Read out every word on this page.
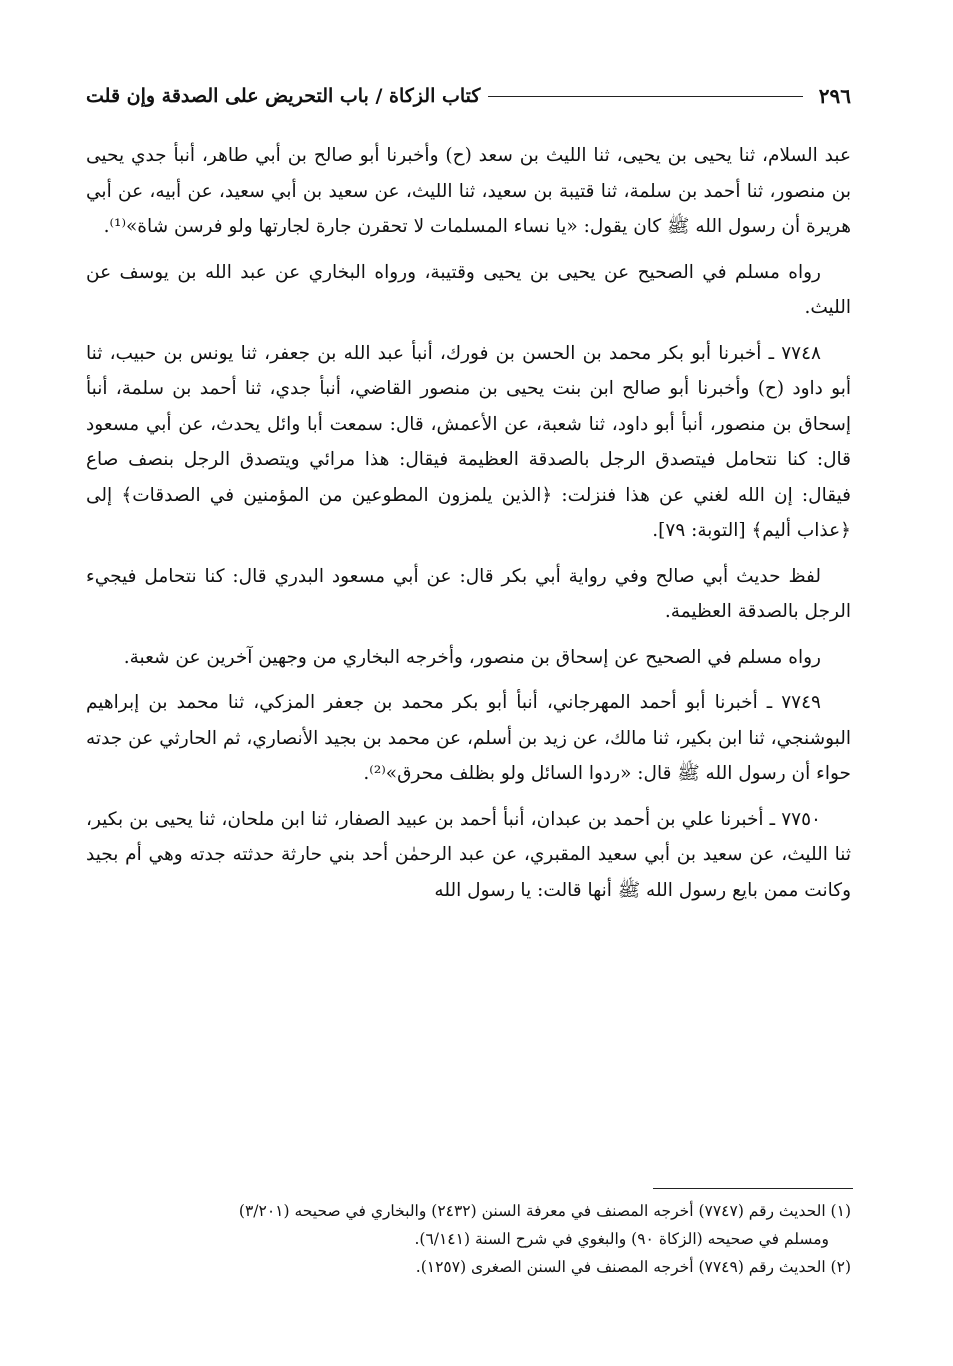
٢٩٦
كتاب الزكاة / باب التحريض على الصدقة وإن قلت

عبد السلام، ثنا يحيى بن يحيى، ثنا الليث بن سعد (ح) وأخبرنا أبو صالح بن أبي طاهر، أنبأ جدي يحيى بن منصور، ثنا أحمد بن سلمة، ثنا قتيبة بن سعيد، ثنا الليث، عن سعيد بن أبي سعيد، عن أبيه، عن أبي هريرة أن رسول الله ﷺ كان يقول: «يا نساء المسلمات لا تحقرن جارة لجارتها ولو فرسن شاة»⁽¹⁾.

رواه مسلم في الصحيح عن يحيى بن يحيى وقتيبة، ورواه البخاري عن عبد الله بن يوسف عن الليث.

٧٧٤٨ ـ أخبرنا أبو بكر محمد بن الحسن بن فورك، أنبأ عبد الله بن جعفر، ثنا يونس بن حبيب، ثنا أبو داود (ح) وأخبرنا أبو صالح ابن بنت يحيى بن منصور القاضي، أنبأ جدي، ثنا أحمد بن سلمة، أنبأ إسحاق بن منصور، أنبأ أبو داود، ثنا شعبة، عن الأعمش، قال: سمعت أبا وائل يحدث، عن أبي مسعود قال: كنا نتحامل فيتصدق الرجل بالصدقة العظيمة فيقال: هذا مرائي ويتصدق الرجل بنصف صاع فيقال: إن الله لغني عن هذا فنزلت: ﴿الذين يلمزون المطوعين من المؤمنين في الصدقات﴾ إلى ﴿عذاب أليم﴾ [التوبة: ٧٩].

لفظ حديث أبي صالح وفي رواية أبي بكر قال: عن أبي مسعود البدري قال: كنا نتحامل فيجيء الرجل بالصدقة العظيمة.

رواه مسلم في الصحيح عن إسحاق بن منصور، وأخرجه البخاري من وجهين آخرين عن شعبة.

٧٧٤٩ ـ أخبرنا أبو أحمد المهرجاني، أنبأ أبو بكر محمد بن جعفر المزكي، ثنا محمد بن إبراهيم البوشنجي، ثنا ابن بكير، ثنا مالك، عن زيد بن أسلم، عن محمد بن بجيد الأنصاري، ثم الحارثي عن جدته حواء أن رسول الله ﷺ قال: «ردوا السائل ولو بظلف محرق»⁽²⁾.

٧٧٥٠ ـ أخبرنا علي بن أحمد بن عبدان، أنبأ أحمد بن عبيد الصفار، ثنا ابن ملحان، ثنا يحيى بن بكير، ثنا الليث، عن سعيد بن أبي سعيد المقبري، عن عبد الرحمٰن أحد بني حارثة حدثته جدته وهي أم بجيد وكانت ممن بايع رسول الله ﷺ أنها قالت: يا رسول الله

(١) الحديث رقم (٧٧٤٧) أخرجه المصنف في معرفة السنن (٢٤٣٢) والبخاري في صحيحه (٣/٢٠١)

ومسلم في صحيحه (الزكاة ٩٠) والبغوي في شرح السنة (٦/١٤١).

(٢) الحديث رقم (٧٧٤٩) أخرجه المصنف في السنن الصغرى (١٢٥٧).
